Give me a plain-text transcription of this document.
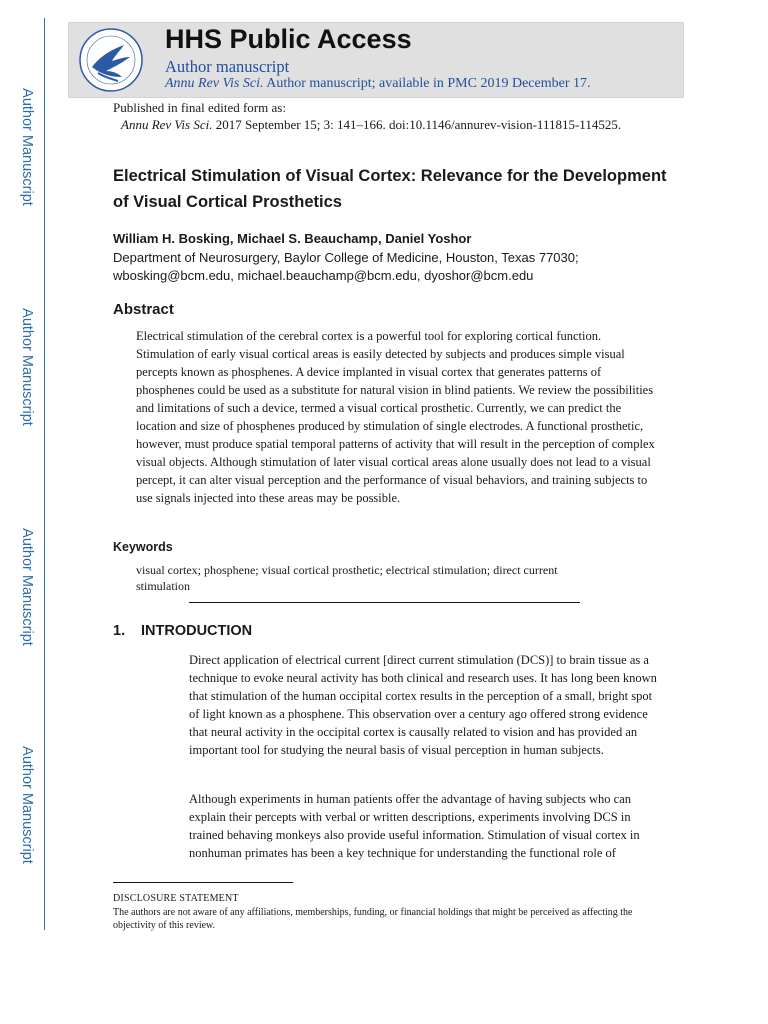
Author Manuscript
Author Manuscript
Author Manuscript
Author Manuscript
HHS Public Access
Author manuscript
Annu Rev Vis Sci. Author manuscript; available in PMC 2019 December 17.
Published in final edited form as:
Annu Rev Vis Sci. 2017 September 15; 3: 141–166. doi:10.1146/annurev-vision-111815-114525.
Electrical Stimulation of Visual Cortex: Relevance for the Development of Visual Cortical Prosthetics
William H. Bosking, Michael S. Beauchamp, Daniel Yoshor
Department of Neurosurgery, Baylor College of Medicine, Houston, Texas 77030;
wbosking@bcm.edu, michael.beauchamp@bcm.edu, dyoshor@bcm.edu
Abstract
Electrical stimulation of the cerebral cortex is a powerful tool for exploring cortical function. Stimulation of early visual cortical areas is easily detected by subjects and produces simple visual percepts known as phosphenes. A device implanted in visual cortex that generates patterns of phosphenes could be used as a substitute for natural vision in blind patients. We review the possibilities and limitations of such a device, termed a visual cortical prosthetic. Currently, we can predict the location and size of phosphenes produced by stimulation of single electrodes. A functional prosthetic, however, must produce spatial temporal patterns of activity that will result in the perception of complex visual objects. Although stimulation of later visual cortical areas alone usually does not lead to a visual percept, it can alter visual perception and the performance of visual behaviors, and training subjects to use signals injected into these areas may be possible.
Keywords
visual cortex; phosphene; visual cortical prosthetic; electrical stimulation; direct current stimulation
1. INTRODUCTION
Direct application of electrical current [direct current stimulation (DCS)] to brain tissue as a technique to evoke neural activity has both clinical and research uses. It has long been known that stimulation of the human occipital cortex results in the perception of a small, bright spot of light known as a phosphene. This observation over a century ago offered strong evidence that neural activity in the occipital cortex is causally related to vision and has provided an important tool for studying the neural basis of visual perception in human subjects.
Although experiments in human patients offer the advantage of having subjects who can explain their percepts with verbal or written descriptions, experiments involving DCS in trained behaving monkeys also provide useful information. Stimulation of visual cortex in nonhuman primates has been a key technique for understanding the functional role of
DISCLOSURE STATEMENT
The authors are not aware of any affiliations, memberships, funding, or financial holdings that might be perceived as affecting the objectivity of this review.
